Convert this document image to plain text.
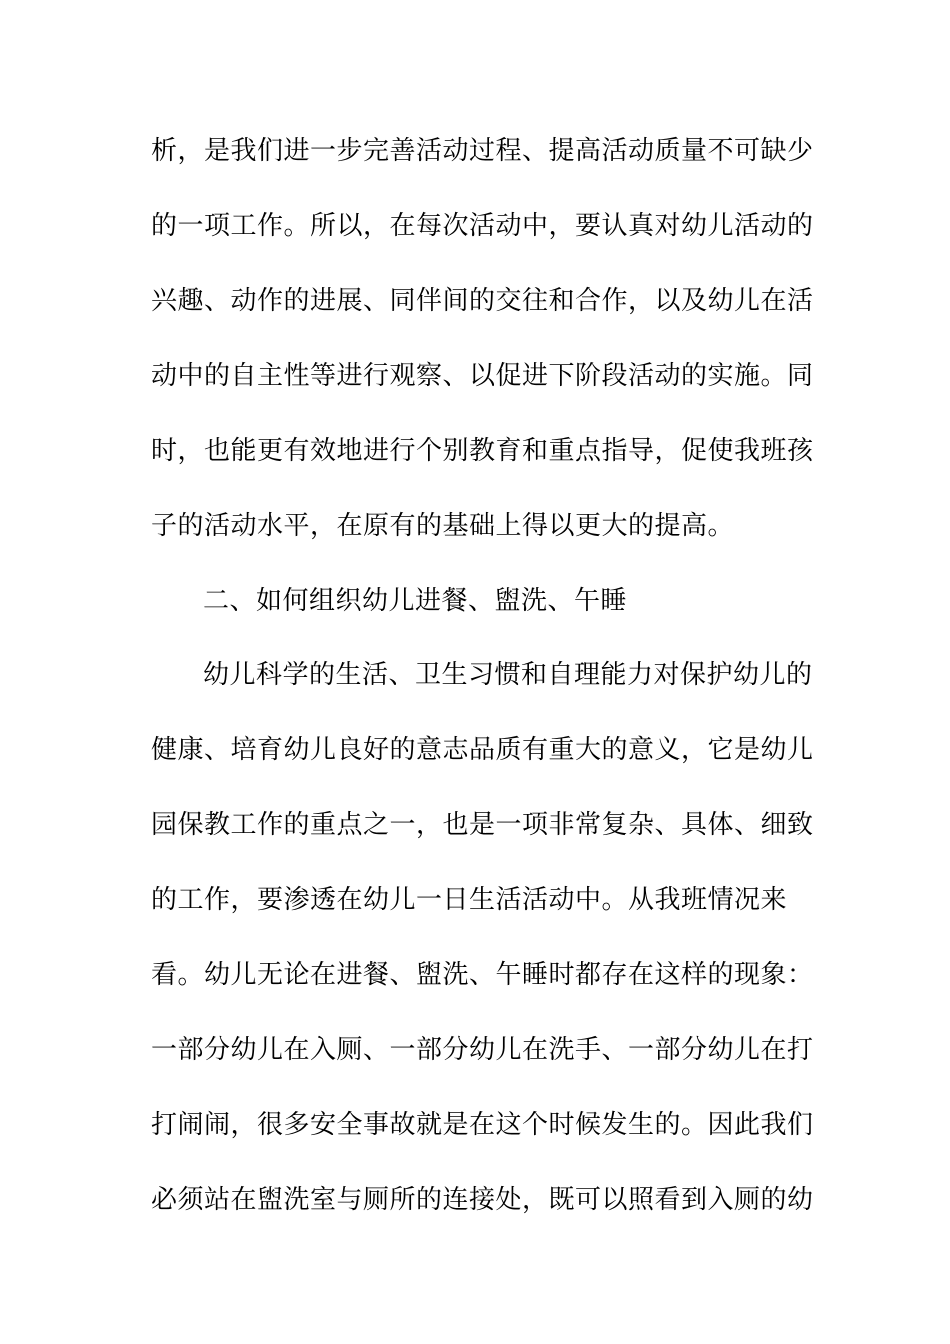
析，是我们进一步完善活动过程、提高活动质量不可缺少
的一项工作。所以，在每次活动中，要认真对幼儿活动的
兴趣、动作的进展、同伴间的交往和合作，以及幼儿在活
动中的自主性等进行观察、以促进下阶段活动的实施。同
时，也能更有效地进行个别教育和重点指导，促使我班孩
子的活动水平，在原有的基础上得以更大的提高。
二、如何组织幼儿进餐、盥洗、午睡
幼儿科学的生活、卫生习惯和自理能力对保护幼儿的
健康、培育幼儿良好的意志品质有重大的意义，它是幼儿
园保教工作的重点之一，也是一项非常复杂、具体、细致
的工作，要渗透在幼儿一日生活活动中。从我班情况来
看。幼儿无论在进餐、盥洗、午睡时都存在这样的现象：
一部分幼儿在入厕、一部分幼儿在洗手、一部分幼儿在打
打闹闹，很多安全事故就是在这个时候发生的。因此我们
必须站在盥洗室与厕所的连接处，既可以照看到入厕的幼
